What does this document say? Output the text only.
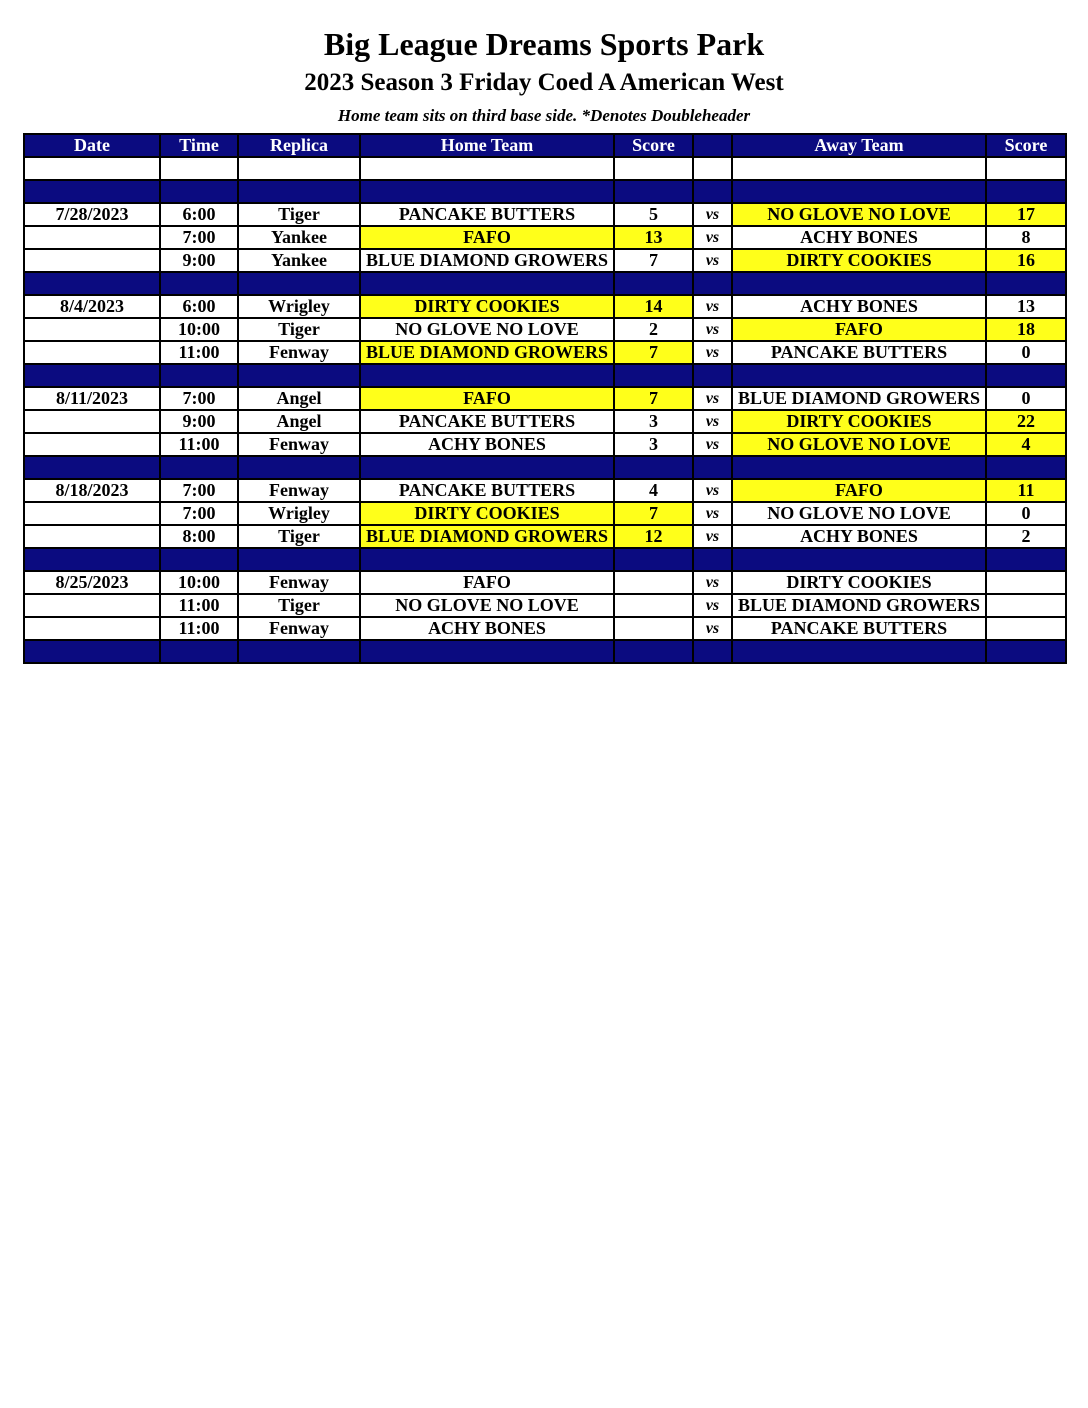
Big League Dreams Sports Park
2023 Season 3 Friday Coed A American West
Home team sits on third base side. *Denotes Doubleheader
Date	Time	Replica	Home Team	Score		Away Team	Score

7/28/2023	6:00	Tiger	PANCAKE BUTTERS	5	vs	NO GLOVE NO LOVE	17
	7:00	Yankee	FAFO	13	vs	ACHY BONES	8
	9:00	Yankee	BLUE DIAMOND GROWERS	7	vs	DIRTY COOKIES	16

8/4/2023	6:00	Wrigley	DIRTY COOKIES	14	vs	ACHY BONES	13
	10:00	Tiger	NO GLOVE NO LOVE	2	vs	FAFO	18
	11:00	Fenway	BLUE DIAMOND GROWERS	7	vs	PANCAKE BUTTERS	0

8/11/2023	7:00	Angel	FAFO	7	vs	BLUE DIAMOND GROWERS	0
	9:00	Angel	PANCAKE BUTTERS	3	vs	DIRTY COOKIES	22
	11:00	Fenway	ACHY BONES	3	vs	NO GLOVE NO LOVE	4

8/18/2023	7:00	Fenway	PANCAKE BUTTERS	4	vs	FAFO	11
	7:00	Wrigley	DIRTY COOKIES	7	vs	NO GLOVE NO LOVE	0
	8:00	Tiger	BLUE DIAMOND GROWERS	12	vs	ACHY BONES	2

8/25/2023	10:00	Fenway	FAFO		vs	DIRTY COOKIES	
	11:00	Tiger	NO GLOVE NO LOVE		vs	BLUE DIAMOND GROWERS	
	11:00	Fenway	ACHY BONES		vs	PANCAKE BUTTERS	
